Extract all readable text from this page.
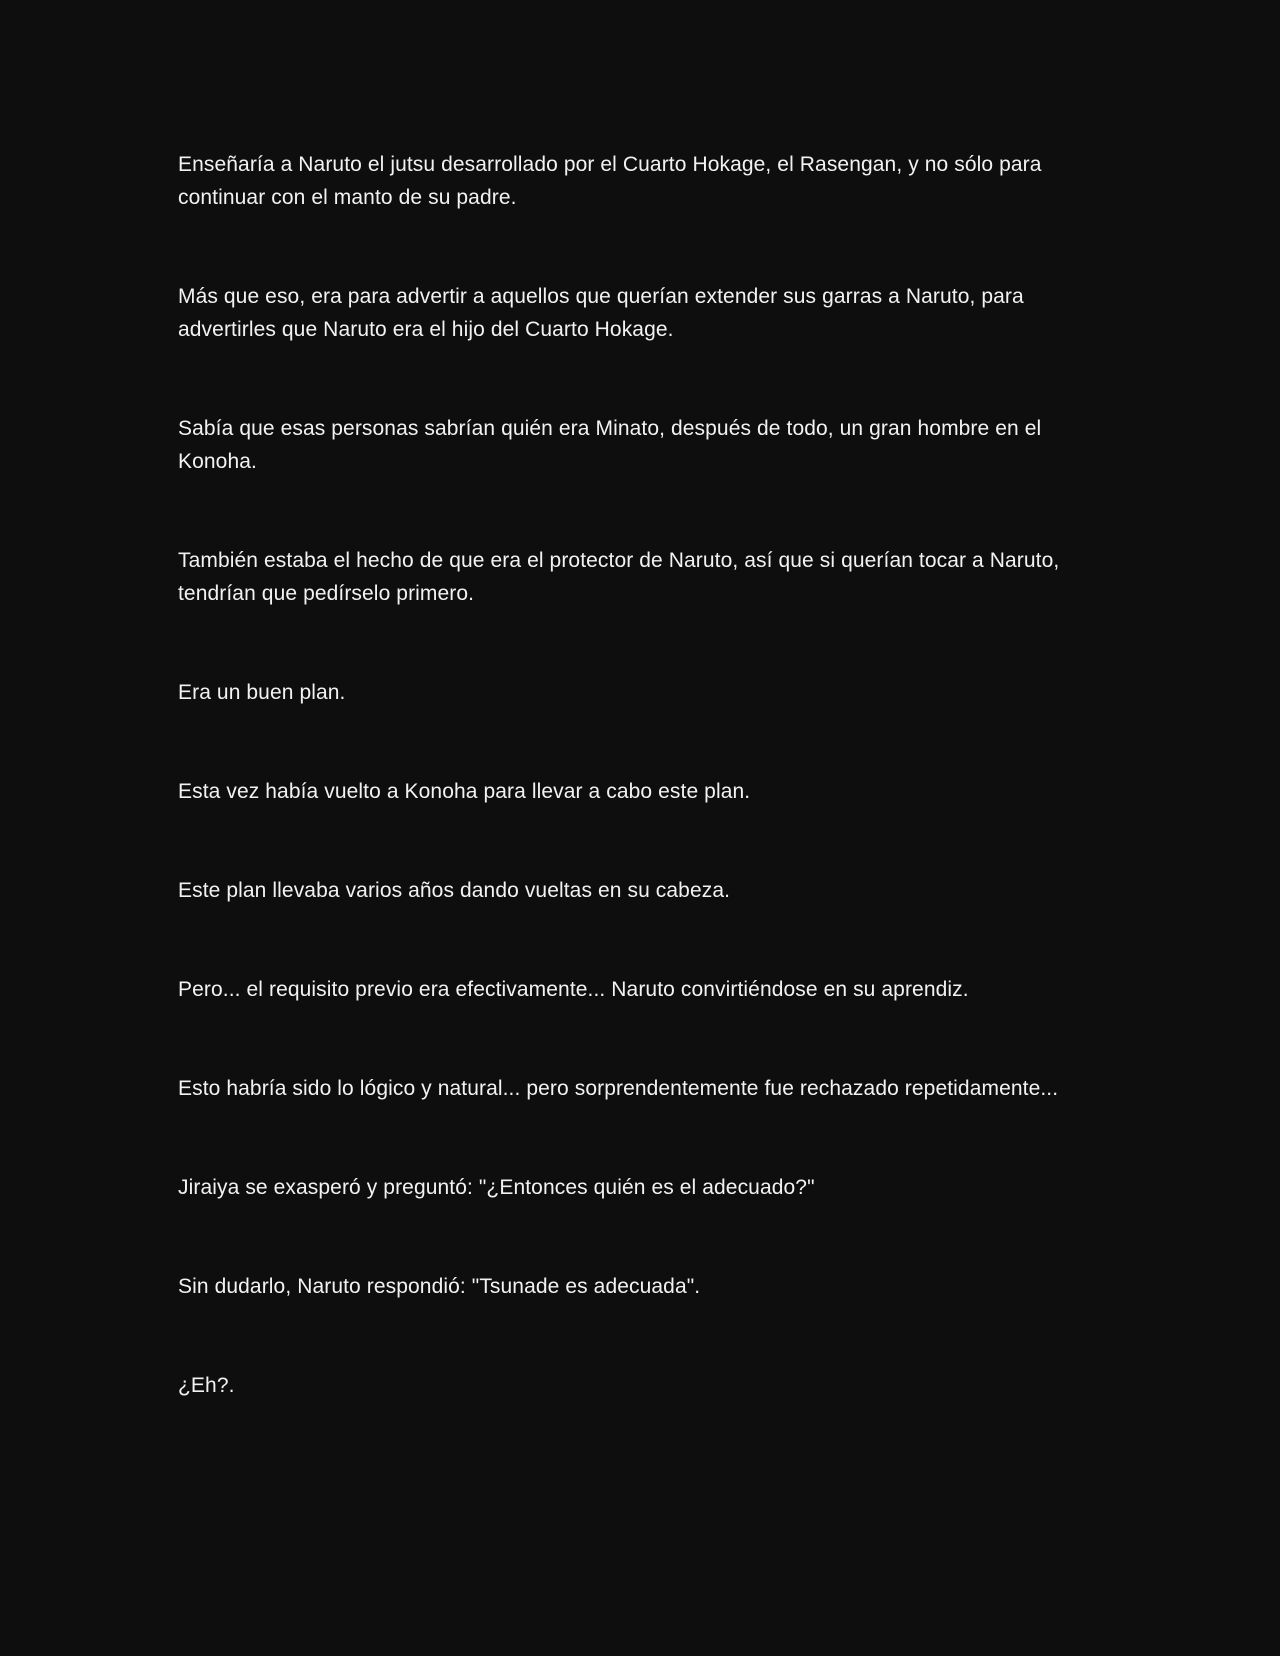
Enseñaría a Naruto el jutsu desarrollado por el Cuarto Hokage, el Rasengan, y no sólo para continuar con el manto de su padre.

Más que eso, era para advertir a aquellos que querían extender sus garras a Naruto, para advertirles que Naruto era el hijo del Cuarto Hokage.

Sabía que esas personas sabrían quién era Minato, después de todo, un gran hombre en el Konoha.

También estaba el hecho de que era el protector de Naruto, así que si querían tocar a Naruto, tendrían que pedírselo primero.

Era un buen plan.

Esta vez había vuelto a Konoha para llevar a cabo este plan.

Este plan llevaba varios años dando vueltas en su cabeza.

Pero... el requisito previo era efectivamente... Naruto convirtiéndose en su aprendiz.

Esto habría sido lo lógico y natural... pero sorprendentemente fue rechazado repetidamente...

Jiraiya se exasperó y preguntó: "¿Entonces quién es el adecuado?"

Sin dudarlo, Naruto respondió: "Tsunade es adecuada".

¿Eh?.
